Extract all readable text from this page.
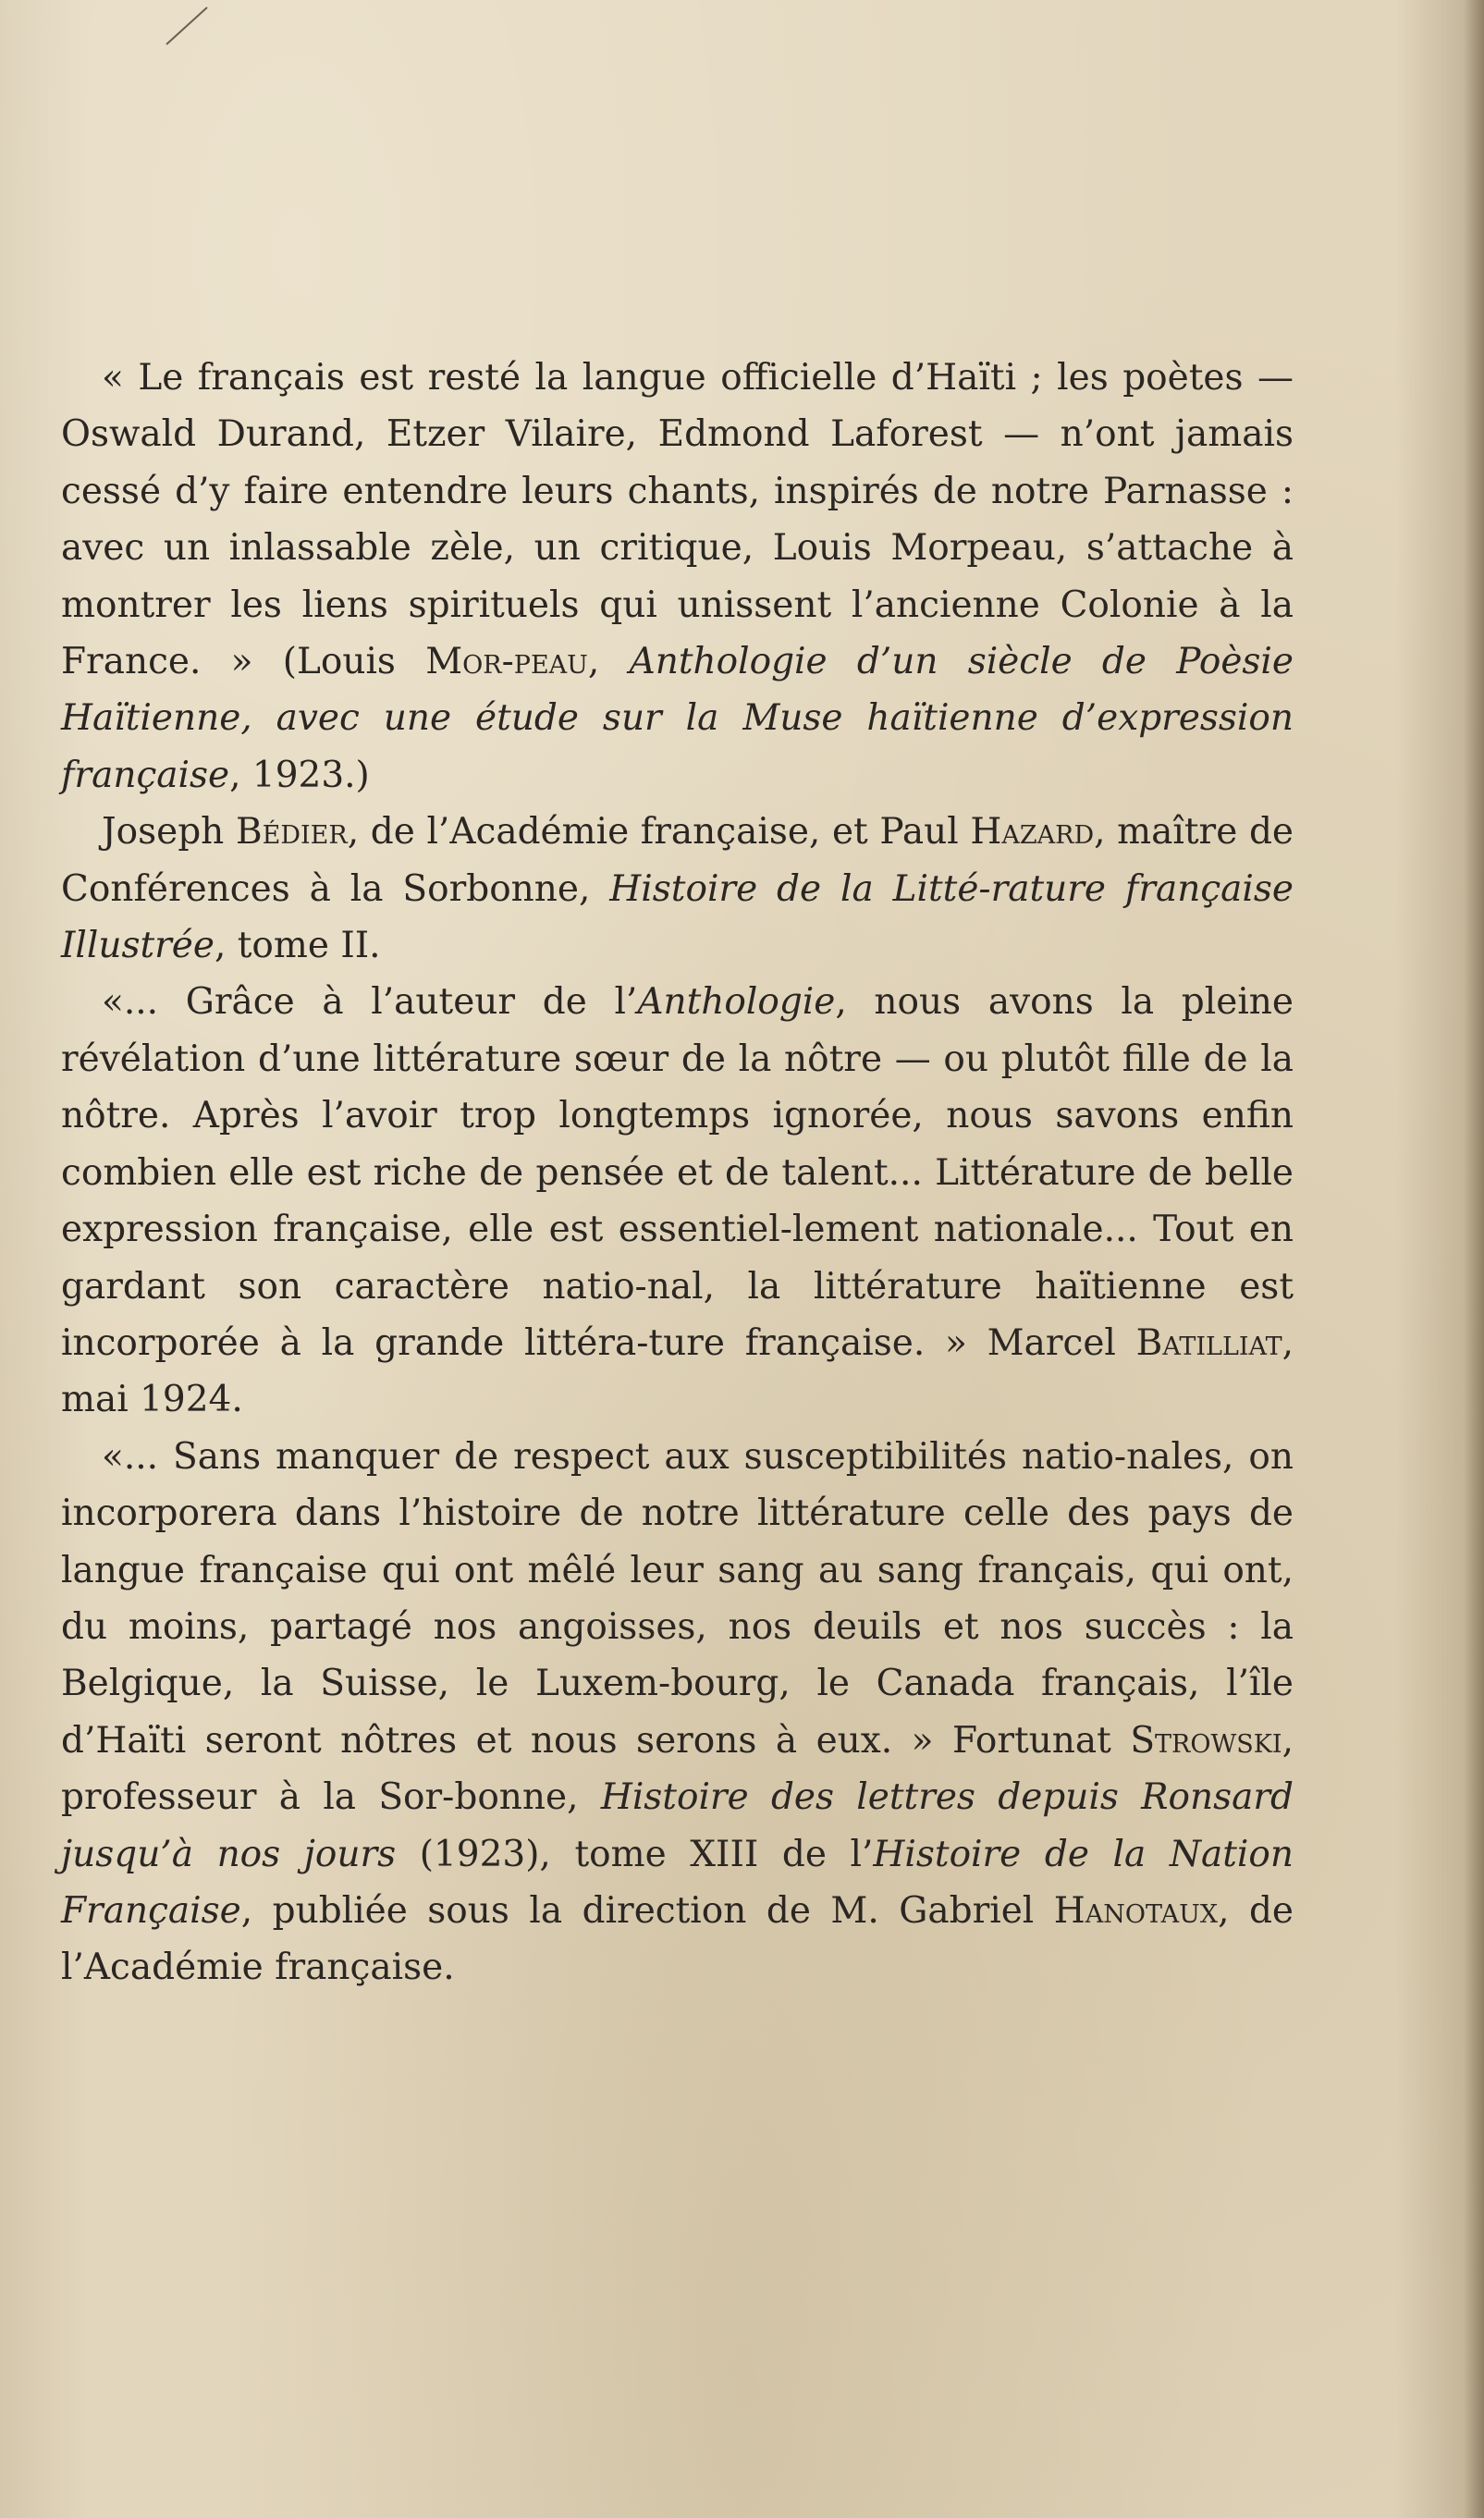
« Le français est resté la langue officielle d’Haïti ; les poètes — Oswald Durand, Etzer Vilaire, Edmond Laforest — n’ont jamais cessé d’y faire entendre leurs chants, inspirés de notre Parnasse : avec un inlassable zèle, un critique, Louis Morpeau, s’attache à montrer les liens spirituels qui unissent l’ancienne Colonie à la France. » (Louis Mor-peau, Anthologie d’un siècle de Poèsie Haïtienne, avec une étude sur la Muse haïtienne d’expression française, 1923.)

Joseph Bédier, de l’Académie française, et Paul Hazard, maître de Conférences à la Sorbonne, Histoire de la Litté-rature française Illustrée, tome II.

«... Grâce à l’auteur de l’Anthologie, nous avons la pleine révélation d’une littérature sœur de la nôtre — ou plutôt fille de la nôtre. Après l’avoir trop longtemps ignorée, nous savons enfin combien elle est riche de pensée et de talent... Littérature de belle expression française, elle est essentiel-lement nationale... Tout en gardant son caractère natio-nal, la littérature haïtienne est incorporée à la grande littéra-ture française. » Marcel Batilliat, mai 1924.

«... Sans manquer de respect aux susceptibilités natio-nales, on incorporera dans l’histoire de notre littérature celle des pays de langue française qui ont mêlé leur sang au sang français, qui ont, du moins, partagé nos angoisses, nos deuils et nos succès : la Belgique, la Suisse, le Luxem-bourg, le Canada français, l’île d’Haïti seront nôtres et nous serons à eux. » Fortunat Strowski, professeur à la Sor-bonne, Histoire des lettres depuis Ronsard jusqu’à nos jours (1923), tome XIII de l’Histoire de la Nation Française, publiée sous la direction de M. Gabriel Hanotaux, de l’Académie française.
